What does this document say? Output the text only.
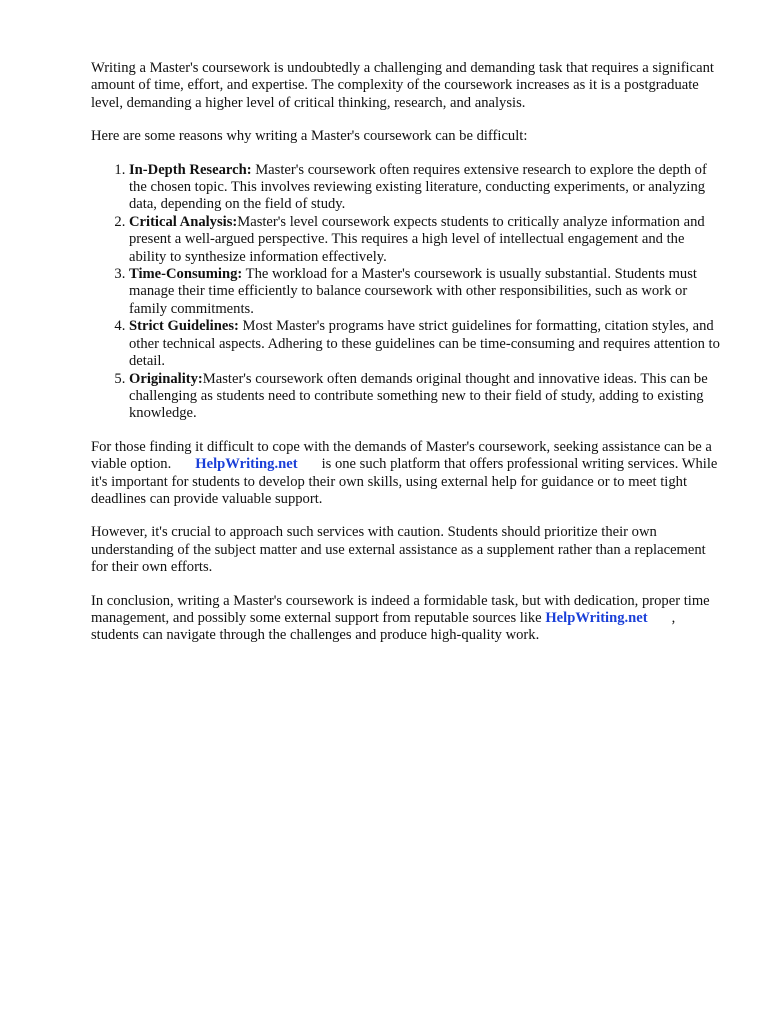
Writing a Master's coursework is undoubtedly a challenging and demanding task that requires a significant amount of time, effort, and expertise. The complexity of the coursework increases as it is a postgraduate level, demanding a higher level of critical thinking, research, and analysis.

Here are some reasons why writing a Master's coursework can be difficult:

1. In-Depth Research: Master's coursework often requires extensive research to explore the depth of the chosen topic. This involves reviewing existing literature, conducting experiments, or analyzing data, depending on the field of study.
2. Critical Analysis:Master's level coursework expects students to critically analyze information and present a well-argued perspective. This requires a high level of intellectual engagement and the ability to synthesize information effectively.
3. Time-Consuming: The workload for a Master's coursework is usually substantial. Students must manage their time efficiently to balance coursework with other responsibilities, such as work or family commitments.
4. Strict Guidelines: Most Master's programs have strict guidelines for formatting, citation styles, and other technical aspects. Adhering to these guidelines can be time-consuming and requires attention to detail.
5. Originality:Master's coursework often demands original thought and innovative ideas. This can be challenging as students need to contribute something new to their field of study, adding to existing knowledge.

For those finding it difficult to cope with the demands of Master's coursework, seeking assistance can be a viable option. HelpWriting.net is one such platform that offers professional writing services. While it's important for students to develop their own skills, using external help for guidance or to meet tight deadlines can provide valuable support.

However, it's crucial to approach such services with caution. Students should prioritize their own understanding of the subject matter and use external assistance as a supplement rather than a replacement for their own efforts.

In conclusion, writing a Master's coursework is indeed a formidable task, but with dedication, proper time management, and possibly some external support from reputable sources like HelpWriting.net , students can navigate through the challenges and produce high-quality work.
